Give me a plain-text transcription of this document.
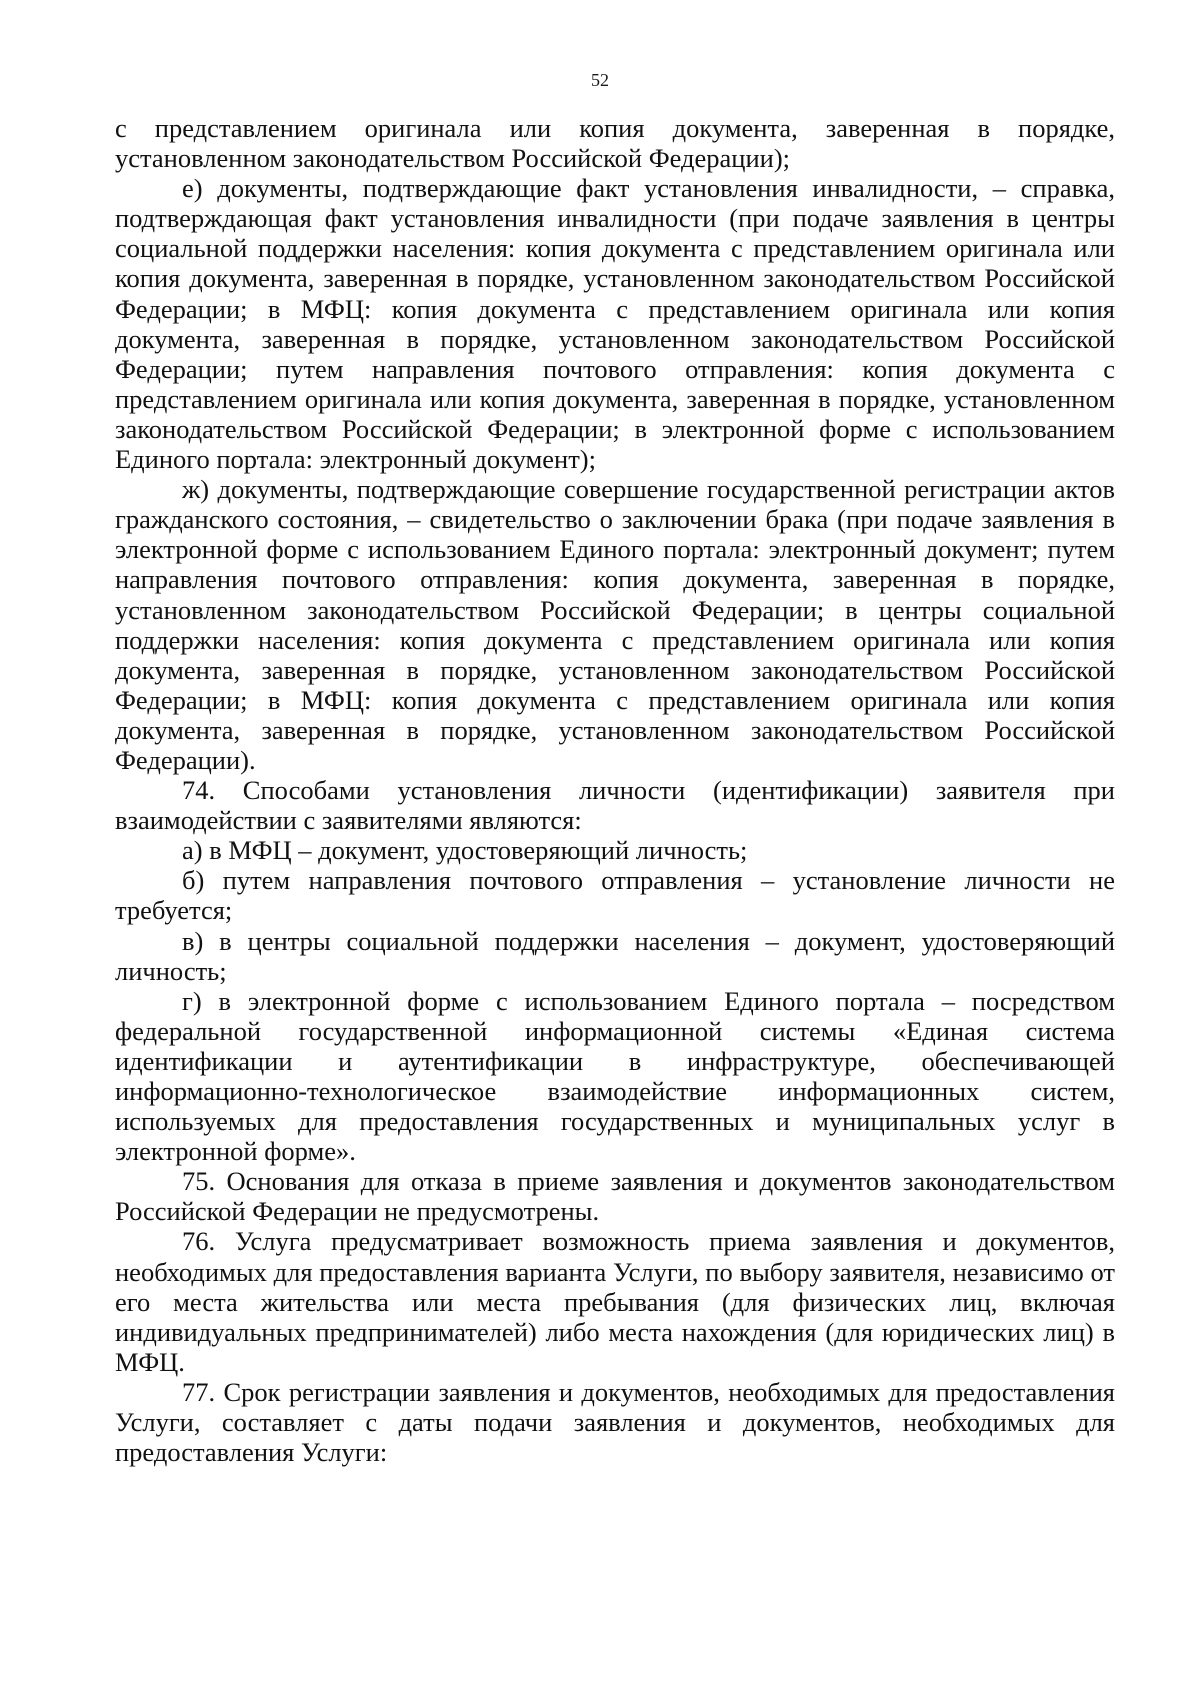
52

с представлением оригинала или копия документа, заверенная в порядке, установленном законодательством Российской Федерации);

е) документы, подтверждающие факт установления инвалидности, – справка, подтверждающая факт установления инвалидности (при подаче заявления в центры социальной поддержки населения: копия документа с представлением оригинала или копия документа, заверенная в порядке, установленном законодательством Российской Федерации; в МФЦ: копия документа с представлением оригинала или копия документа, заверенная в порядке, установленном законодательством Российской Федерации; путем направления почтового отправления: копия документа с представлением оригинала или копия документа, заверенная в порядке, установленном законодательством Российской Федерации; в электронной форме с использованием Единого портала: электронный документ);

ж) документы, подтверждающие совершение государственной регистрации актов гражданского состояния, – свидетельство о заключении брака (при подаче заявления в электронной форме с использованием Единого портала: электронный документ; путем направления почтового отправления: копия документа, заверенная в порядке, установленном законодательством Российской Федерации; в центры социальной поддержки населения: копия документа с представлением оригинала или копия документа, заверенная в порядке, установленном законодательством Российской Федерации; в МФЦ: копия документа с представлением оригинала или копия документа, заверенная в порядке, установленном законодательством Российской Федерации).

74. Способами установления личности (идентификации) заявителя при взаимодействии с заявителями являются:

а) в МФЦ – документ, удостоверяющий личность;

б) путем направления почтового отправления – установление личности не требуется;

в) в центры социальной поддержки населения – документ, удостоверяющий личность;

г) в электронной форме с использованием Единого портала – посредством федеральной государственной информационной системы «Единая система идентификации и аутентификации в инфраструктуре, обеспечивающей информационно-технологическое взаимодействие информационных систем, используемых для предоставления государственных и муниципальных услуг в электронной форме».

75. Основания для отказа в приеме заявления и документов законодательством Российской Федерации не предусмотрены.

76. Услуга предусматривает возможность приема заявления и документов, необходимых для предоставления варианта Услуги, по выбору заявителя, независимо от его места жительства или места пребывания (для физических лиц, включая индивидуальных предпринимателей) либо места нахождения (для юридических лиц) в МФЦ.

77. Срок регистрации заявления и документов, необходимых для предоставления Услуги, составляет с даты подачи заявления и документов, необходимых для предоставления Услуги:
